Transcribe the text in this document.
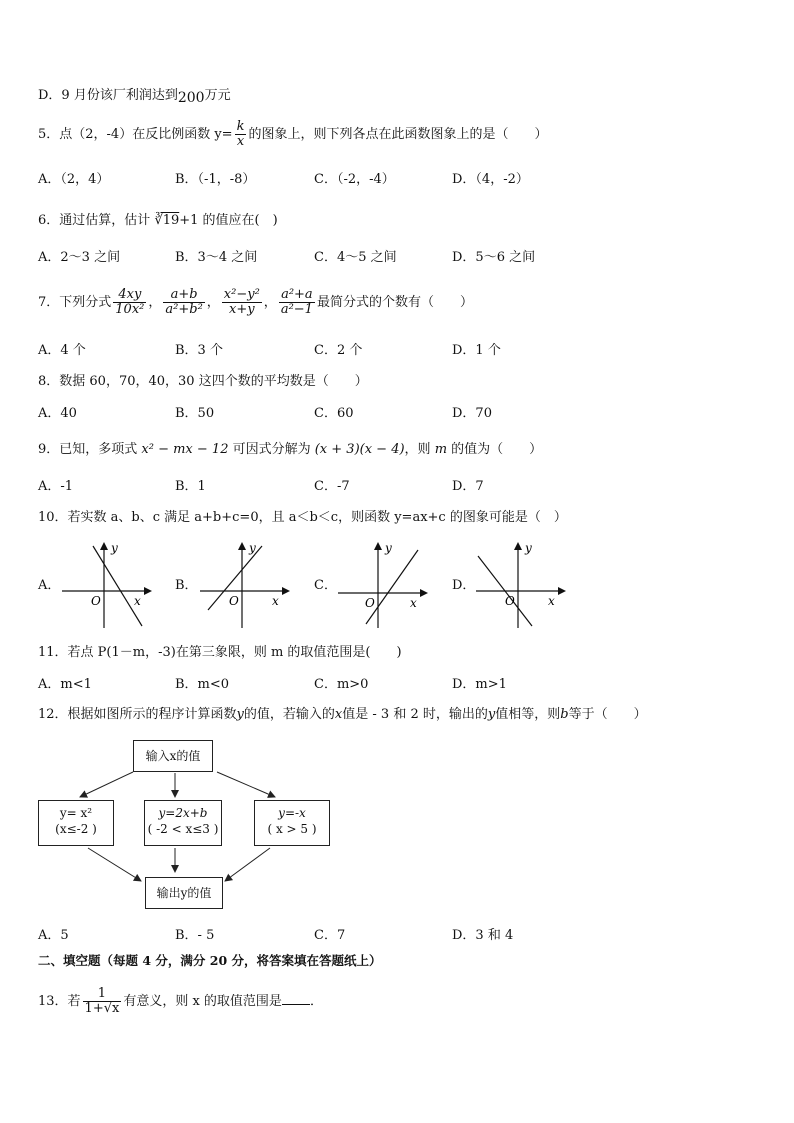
D．9 月份该厂利润达到200万元
5．点（2，-4）在反比例函数 $y= \frac{k}{x}$ 的图象上，则下列各点在此函数图象上的是（　　）
A．（2，4）	B．（-1，-8）	C．（-2，-4）	D．（4，-2）
6．通过估算，估计 ∛19+1 的值应在(　)
A．2～3 之间	B．3～4 之间	C．4～5 之间	D．5～6 之间
7．下列分式 $\frac{4xy}{\text{10x²}}$ ， $\frac{a+b}{\text{a²+b²}}$ ， $\frac{\text{x²−y²}}{x+y}$ ， $\frac{\text{a²+a}}{\text{a²−1}}$ 最简分式的个数有（　　）
A．4 个	B．3 个	C．2 个	D．1 个
8．数据 60，70，40，30 这四个数的平均数是（　　）
A．40	B．50	C．60	D．70
9．已知，多项式 x² − mx − 12 可因式分解为 (x + 3)(x − 4)，则 m 的值为（　　）
A．-1	B．1	C．-7	D．7
10．若实数 a、b、c 满足 a+b+c=0，且 a＜b＜c，则函数 y=ax+c 的图象可能是（　）
A．	B．	C．	D．
y
x
O
y
x
O
y
x
O
y
x
O
11．若点 P(1－m，-3)在第三象限，则 m 的取值范围是(　　)
A．m<1	B．m<0	C．m>0	D．m>1
12．根据如图所示的程序计算函数y的值，若输入的x值是 - 3 和 2 时，输出的y值相等，则b等于（　　）
输入x的值
y= x²
(x≤-2 )
y=2x+b
( -2 < x≤3 )
y=-x
( x > 5 )
输出y的值
A．5	B．- 5	C．7	D．3 和 4
二、填空题（每题 4 分，满分 20 分，将答案填在答题纸上）
13．若 $\frac{1}{1+√x}$ 有意义，则 x 的取值范围是 ．
